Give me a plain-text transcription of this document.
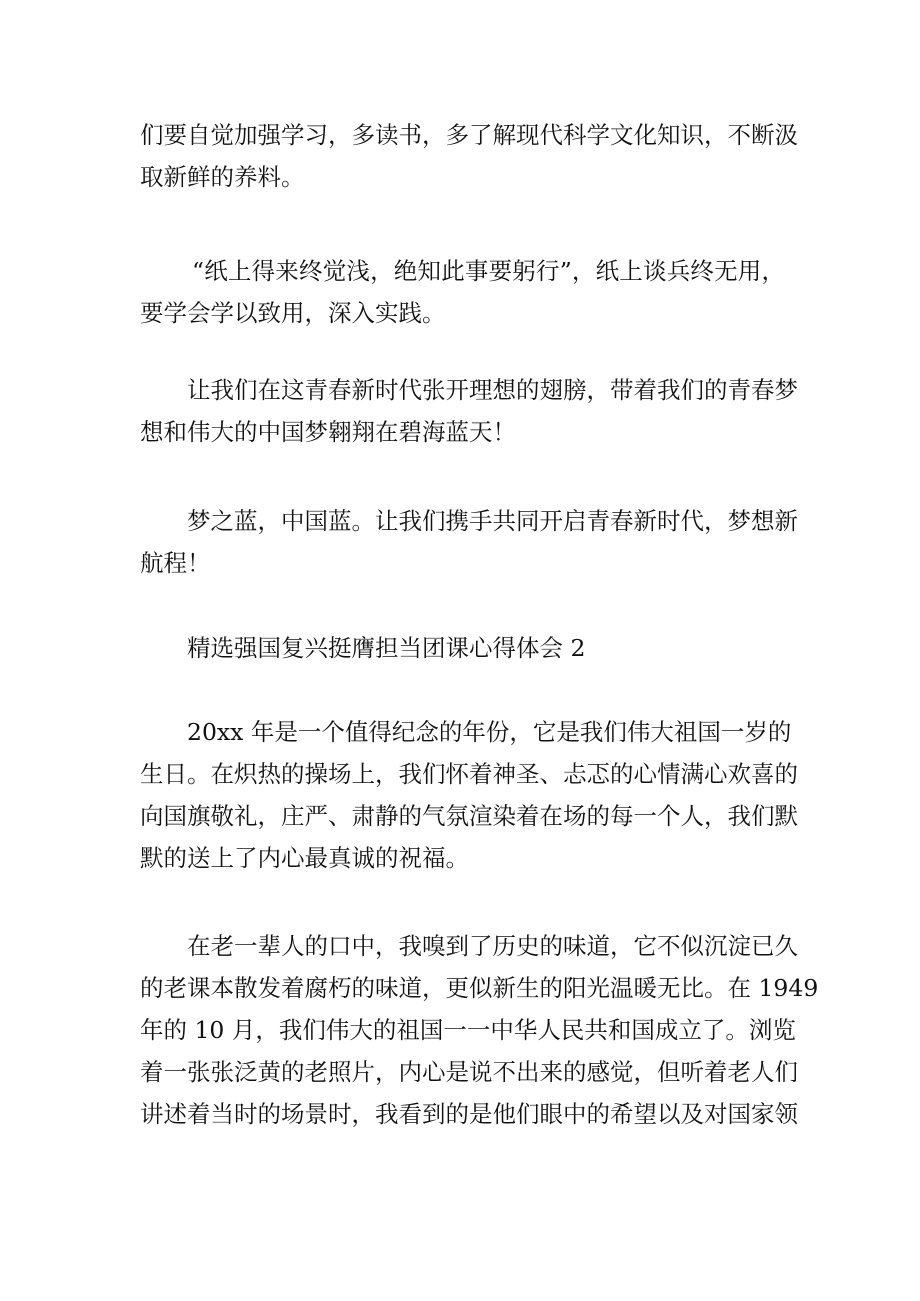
们要自觉加强学习，多读书，多了解现代科学文化知识，不断汲
取新鲜的养料。
“纸上得来终觉浅，绝知此事要躬行”，纸上谈兵终无用，
要学会学以致用，深入实践。
让我们在这青春新时代张开理想的翅膀，带着我们的青春梦
想和伟大的中国梦翱翔在碧海蓝天！
梦之蓝，中国蓝。让我们携手共同开启青春新时代，梦想新
航程！
精选强国复兴挺膺担当团课心得体会 2
20xx 年是一个值得纪念的年份，它是我们伟大祖国一岁的
生日。在炽热的操场上，我们怀着神圣、忐忑的心情满心欢喜的
向国旗敬礼，庄严、肃静的气氛渲染着在场的每一个人，我们默
默的送上了内心最真诚的祝福。
在老一辈人的口中，我嗅到了历史的味道，它不似沉淀已久
的老课本散发着腐朽的味道，更似新生的阳光温暖无比。在 1949
年的 10 月，我们伟大的祖国一一中华人民共和国成立了。浏览
着一张张泛黄的老照片，内心是说不出来的感觉，但听着老人们
讲述着当时的场景时，我看到的是他们眼中的希望以及对国家领
